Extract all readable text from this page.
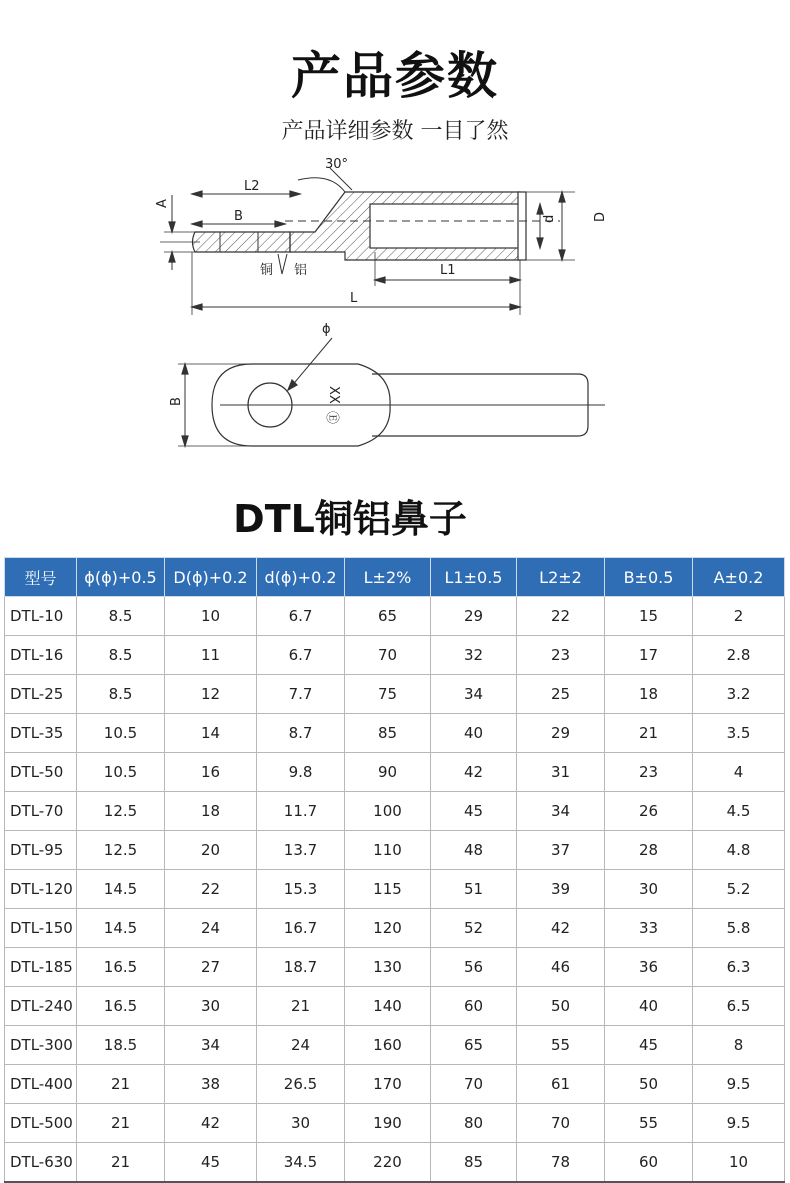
产品参数
产品详细参数 一目了然
A
L2
30°
B	d	D
铜 铝	L1
L
ϕ
B	XX
Ⓔ
DTL铜铝鼻子
型号	ϕ(ϕ)+0.5	D(ϕ)+0.2	d(ϕ)+0.2	L±2%	L1±0.5	L2±2	B±0.5	A±0.2
DTL-10	8.5	10	6.7	65	29	22	15	2
DTL-16	8.5	11	6.7	70	32	23	17	2.8
DTL-25	8.5	12	7.7	75	34	25	18	3.2
DTL-35	10.5	14	8.7	85	40	29	21	3.5
DTL-50	10.5	16	9.8	90	42	31	23	4
DTL-70	12.5	18	11.7	100	45	34	26	4.5
DTL-95	12.5	20	13.7	110	48	37	28	4.8
DTL-120	14.5	22	15.3	115	51	39	30	5.2
DTL-150	14.5	24	16.7	120	52	42	33	5.8
DTL-185	16.5	27	18.7	130	56	46	36	6.3
DTL-240	16.5	30	21	140	60	50	40	6.5
DTL-300	18.5	34	24	160	65	55	45	8
DTL-400	21	38	26.5	170	70	61	50	9.5
DTL-500	21	42	30	190	80	70	55	9.5
DTL-630	21	45	34.5	220	85	78	60	10
